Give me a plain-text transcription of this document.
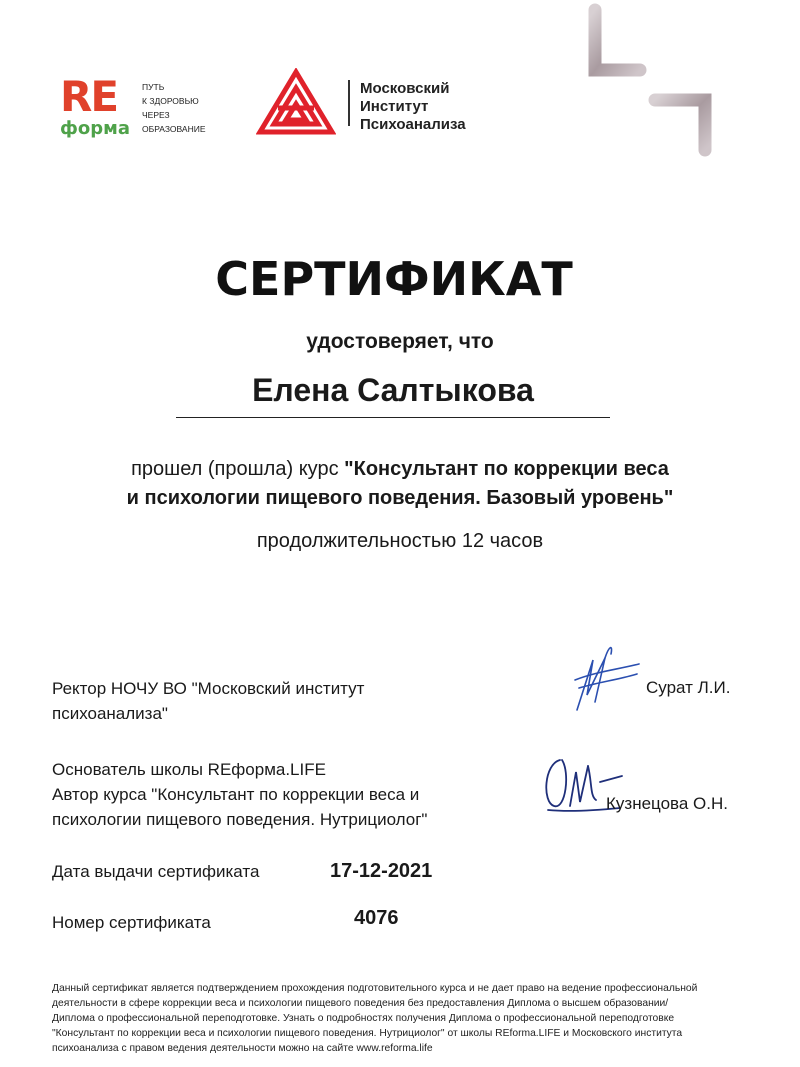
RE
форма
ПУТЬ
К ЗДОРОВЬЮ
ЧЕРЕЗ
ОБРАЗОВАНИЕ
Московский
Институт
Психоанализа
СЕРТИФИКАТ
удостоверяет, что
Елена Салтыкова
прошел (прошла) курс "Консультант по коррекции веса
и психологии пищевого поведения. Базовый уровень"
продолжительностью 12 часов
Ректор НОЧУ ВО "Московский институт
психоанализа"
Сурат Л.И.
Основатель школы REформа.LIFE
Автор курса "Консультант по коррекции веса и
психологии пищевого поведения. Нутрициолог"
Кузнецова О.Н.
Дата выдачи сертификата	17-12-2021
Номер сертификата	4076
Данный сертификат является подтверждением прохождения подготовительного курса и не дает право на ведение профессиональной
деятельности в сфере коррекции веса и психологии пищевого поведения без предоставления Диплома о высшем образовании/
Диплома о профессиональной переподготовке. Узнать о подробностях получения Диплома о профессиональной переподготовке
"Консультант по коррекции веса и психологии пищевого поведения. Нутрициолог" от школы REforma.LIFE и Московского института
психоанализа с правом ведения деятельности можно на сайте www.reforma.life
